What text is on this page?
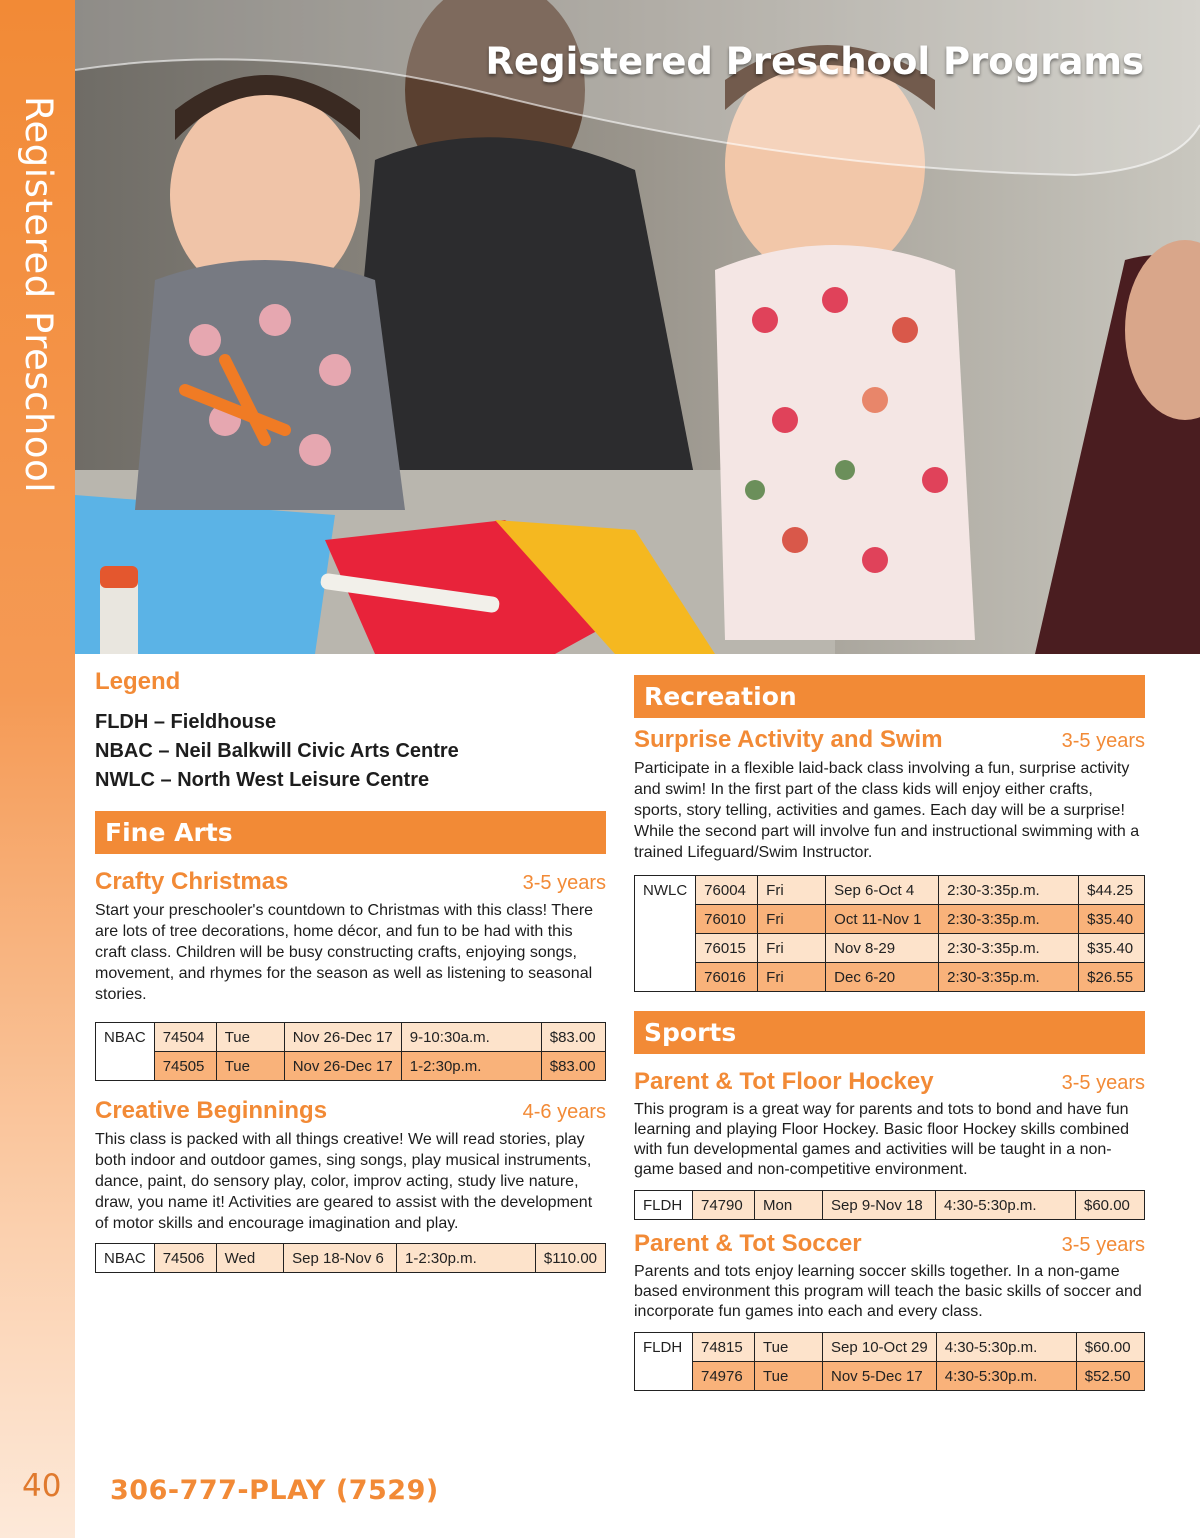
Registered Preschool
Registered Preschool Programs
Legend
FLDH – Fieldhouse
NBAC – Neil Balkwill Civic Arts Centre
NWLC – North West Leisure Centre
Fine Arts
Crafty Christmas	3-5 years
Start your preschooler's countdown to Christmas with this class! There are lots of tree decorations, home décor, and fun to be had with this craft class. Children will be busy constructing crafts, enjoying songs, movement, and rhymes for the season as well as listening to seasonal stories.
NBAC	74504	Tue	Nov 26-Dec 17	9-10:30a.m.	$83.00
	74505	Tue	Nov 26-Dec 17	1-2:30p.m.	$83.00
Creative Beginnings	4-6 years
This class is packed with all things creative! We will read stories, play both indoor and outdoor games, sing songs, play musical instruments, dance, paint, do sensory play, color, improv acting, study live nature, draw, you name it! Activities are geared to assist with the development of motor skills and encourage imagination and play.
NBAC	74506	Wed	Sep 18-Nov 6	1-2:30p.m.	$110.00
Recreation
Surprise Activity and Swim	3-5 years
Participate in a flexible laid-back class involving a fun, surprise activity and swim! In the first part of the class kids will enjoy either crafts, sports, story telling, activities and games. Each day will be a surprise! While the second part will involve fun and instructional swimming with a trained Lifeguard/Swim Instructor.
NWLC	76004	Fri	Sep 6-Oct 4	2:30-3:35p.m.	$44.25
	76010	Fri	Oct 11-Nov 1	2:30-3:35p.m.	$35.40
	76015	Fri	Nov 8-29	2:30-3:35p.m.	$35.40
	76016	Fri	Dec 6-20	2:30-3:35p.m.	$26.55
Sports
Parent & Tot Floor Hockey	3-5 years
This program is a great way for parents and tots to bond and have fun learning and playing Floor Hockey. Basic floor Hockey skills combined with fun developmental games and activities will be taught in a non-game based and non-competitive environment.
FLDH	74790	Mon	Sep 9-Nov 18	4:30-5:30p.m.	$60.00
Parent & Tot Soccer	3-5 years
Parents and tots enjoy learning soccer skills together. In a non-game based environment this program will teach the basic skills of soccer and incorporate fun games into each and every class.
FLDH	74815	Tue	Sep 10-Oct 29	4:30-5:30p.m.	$60.00
	74976	Tue	Nov 5-Dec 17	4:30-5:30p.m.	$52.50
40 306-777-PLAY (7529)
